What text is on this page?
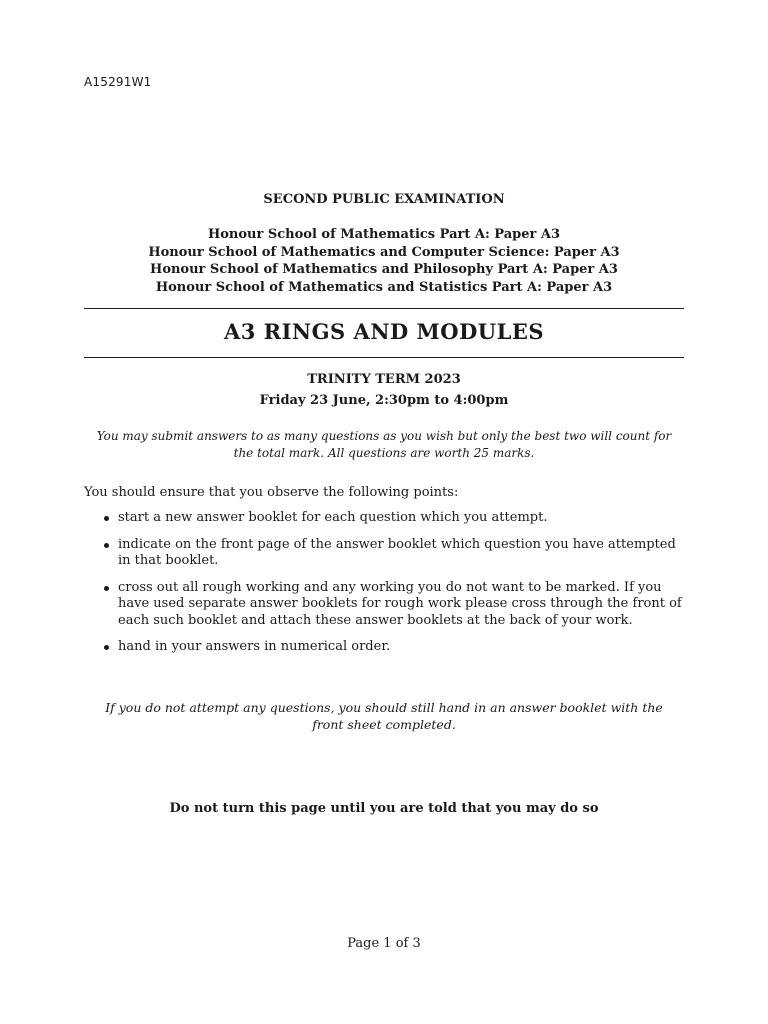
A15291W1
SECOND PUBLIC EXAMINATION
Honour School of Mathematics Part A: Paper A3
Honour School of Mathematics and Computer Science: Paper A3
Honour School of Mathematics and Philosophy Part A: Paper A3
Honour School of Mathematics and Statistics Part A: Paper A3
A3 RINGS AND MODULES
TRINITY TERM 2023
Friday 23 June, 2:30pm to 4:00pm
You may submit answers to as many questions as you wish but only the best two will count for the total mark. All questions are worth 25 marks.
You should ensure that you observe the following points:
start a new answer booklet for each question which you attempt.
indicate on the front page of the answer booklet which question you have attempted in that booklet.
cross out all rough working and any working you do not want to be marked. If you have used separate answer booklets for rough work please cross through the front of each such booklet and attach these answer booklets at the back of your work.
hand in your answers in numerical order.
If you do not attempt any questions, you should still hand in an answer booklet with the front sheet completed.
Do not turn this page until you are told that you may do so
Page 1 of 3
